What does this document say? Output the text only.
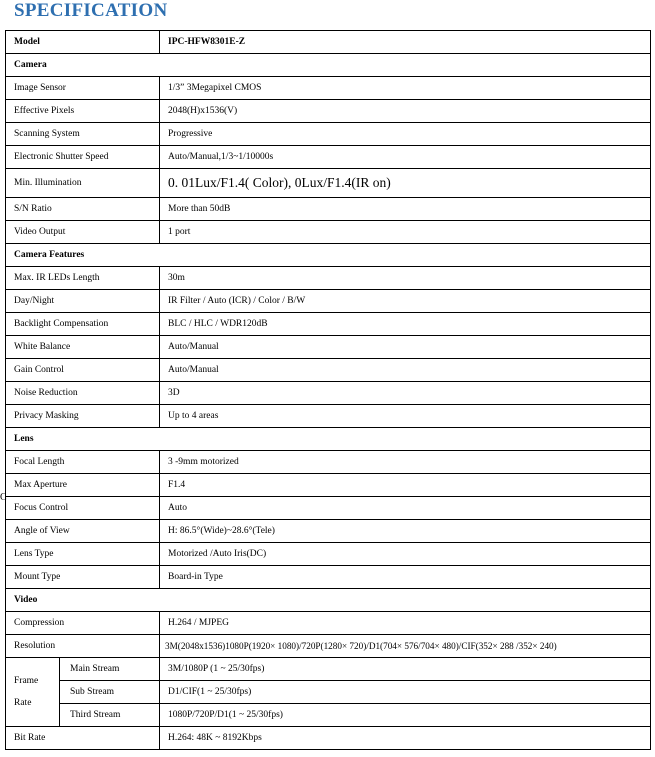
SPECIFICATION
C
Model		IPC-HFW8301E-Z
Camera		
Image Sensor		1/3” 3Megapixel CMOS
Effective Pixels		2048(H)x1536(V)
Scanning System		Progressive
Electronic Shutter Speed		Auto/Manual,1/3~1/10000s
Min. Illumination		0. 01Lux/F1.4( Color), 0Lux/F1.4(IR on)
S/N Ratio		More than 50dB
Video Output		1 port
Camera Features		
Max. IR LEDs Length		30m
Day/Night		IR Filter / Auto (ICR) / Color / B/W
Backlight Compensation		BLC / HLC / WDR120dB
White Balance		Auto/Manual
Gain Control		Auto/Manual
Noise Reduction		3D
Privacy Masking		Up to 4 areas
Lens		
Focal Length		3 -9mm motorized
Max Aperture		F1.4
Focus Control		Auto
Angle of View		H: 86.5°(Wide)~28.6°(Tele)
Lens Type		Motorized /Auto Iris(DC)
Mount Type		Board-in Type
Video		
Compression		H.264 / MJPEG
Resolution		3M(2048x1536)1080P(1920× 1080)/720P(1280× 720)/D1(704× 576/704× 480)/CIF(352× 288 /352× 240)

Frame
Rate	Main Stream	3M/1080P (1 ~ 25/30fps)
	Sub Stream	D1/CIF(1 ~ 25/30fps)
	Third Stream	1080P/720P/D1(1 ~ 25/30fps)
Bit Rate		H.264: 48K ~ 8192Kbps
